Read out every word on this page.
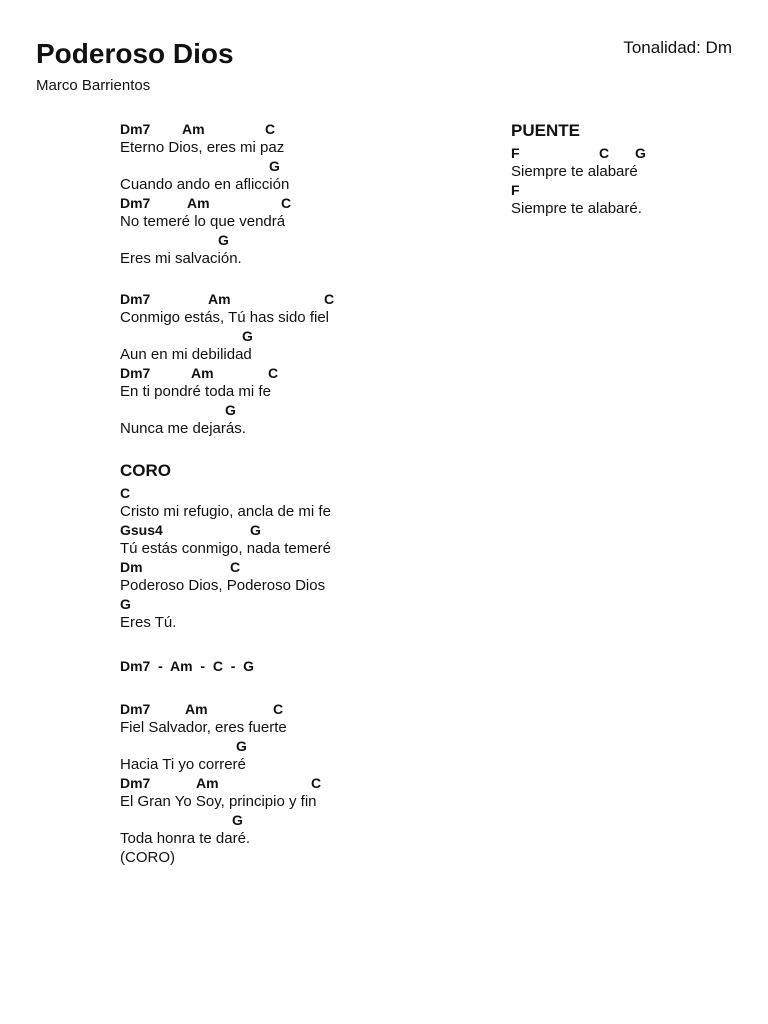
Poderoso Dios
Marco Barrientos
Tonalidad: Dm

Dm7

Am

	C

Eterno Dios, eres mi paz

G

Cuando ando en aflicción

Dm7

	Am

	C

No temeré lo que vendrá

G

Eres mi salvación.

Dm7

	Am

	C

Conmigo estás, Tú has sido fiel

G

Aun en mi debilidad

Dm7

	Am

	C

En ti pondré toda mi fe

G

Nunca me dejarás.
CORO

C

Cristo mi refugio, ancla de mi fe

Gsus4

	G

Tú estás conmigo, nada temeré

Dm

	C

Poderoso Dios, Poderoso Dios

G

Eres Tú.
Dm7  -  Am  -  C  -  G

Dm7

Am

	C

Fiel Salvador, eres fuerte

G

Hacia Ti yo correré

Dm7

	Am

	C

El Gran Yo Soy, principio y fin

G

Toda honra te daré.
(CORO)
PUENTE

F

	C

G

Siempre te alabaré

F

Siempre te alabaré.
